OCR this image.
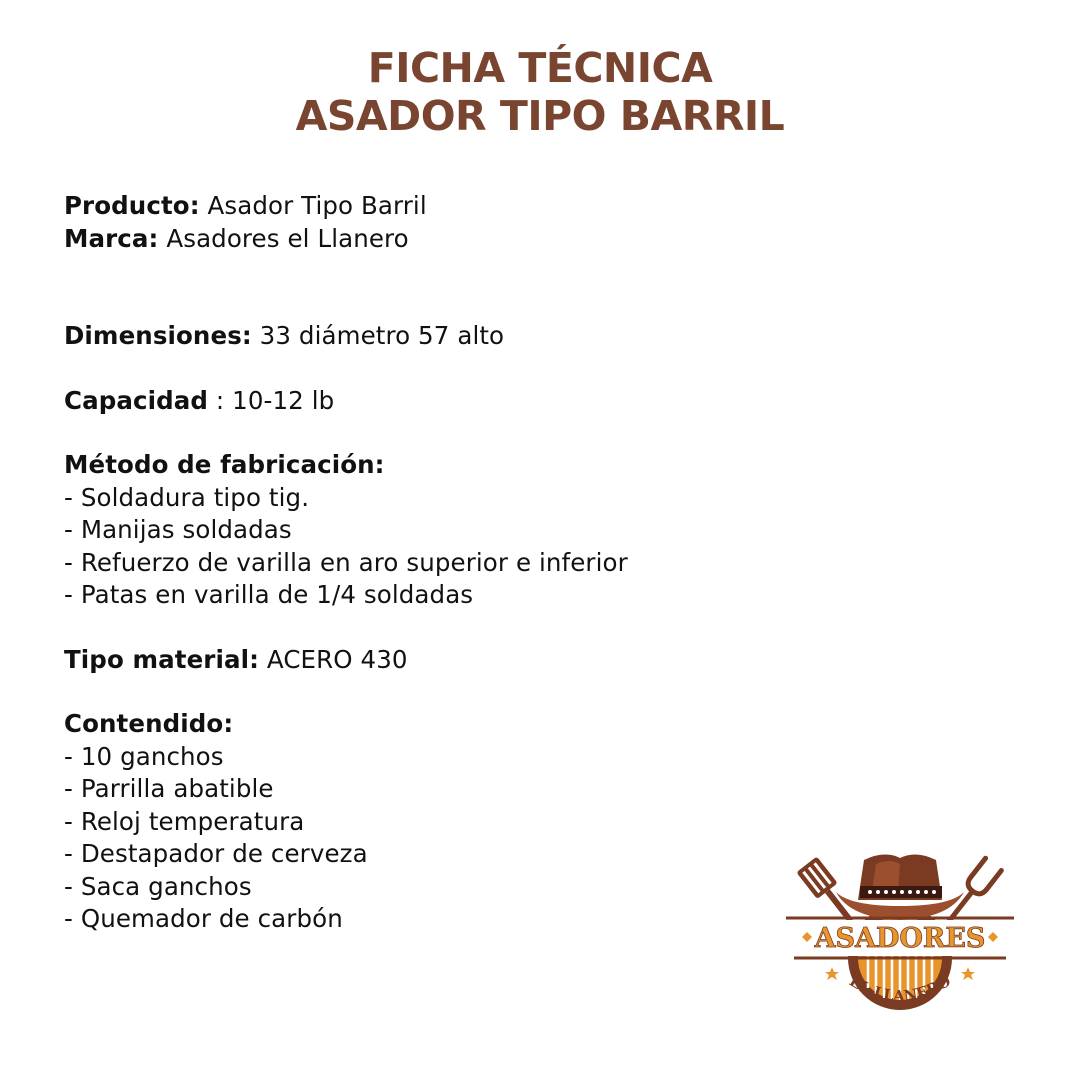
FICHA TÉCNICA
ASADOR TIPO BARRIL

Producto: Asador Tipo Barril

Marca: Asadores el Llanero

Dimensiones: 33 diámetro 57 alto

Capacidad : 10-12 lb

Método de fabricación:

- Soldadura tipo tig.

- Manijas soldadas

- Refuerzo de varilla en aro superior e inferior

- Patas en varilla de 1/4 soldadas

Tipo material: ACERO 430

Contendido:

- 10 ganchos

- Parrilla abatible

- Reloj temperatura

- Destapador de cerveza

- Saca ganchos

- Quemador de carbón

ASADORES
EL LLANERO
